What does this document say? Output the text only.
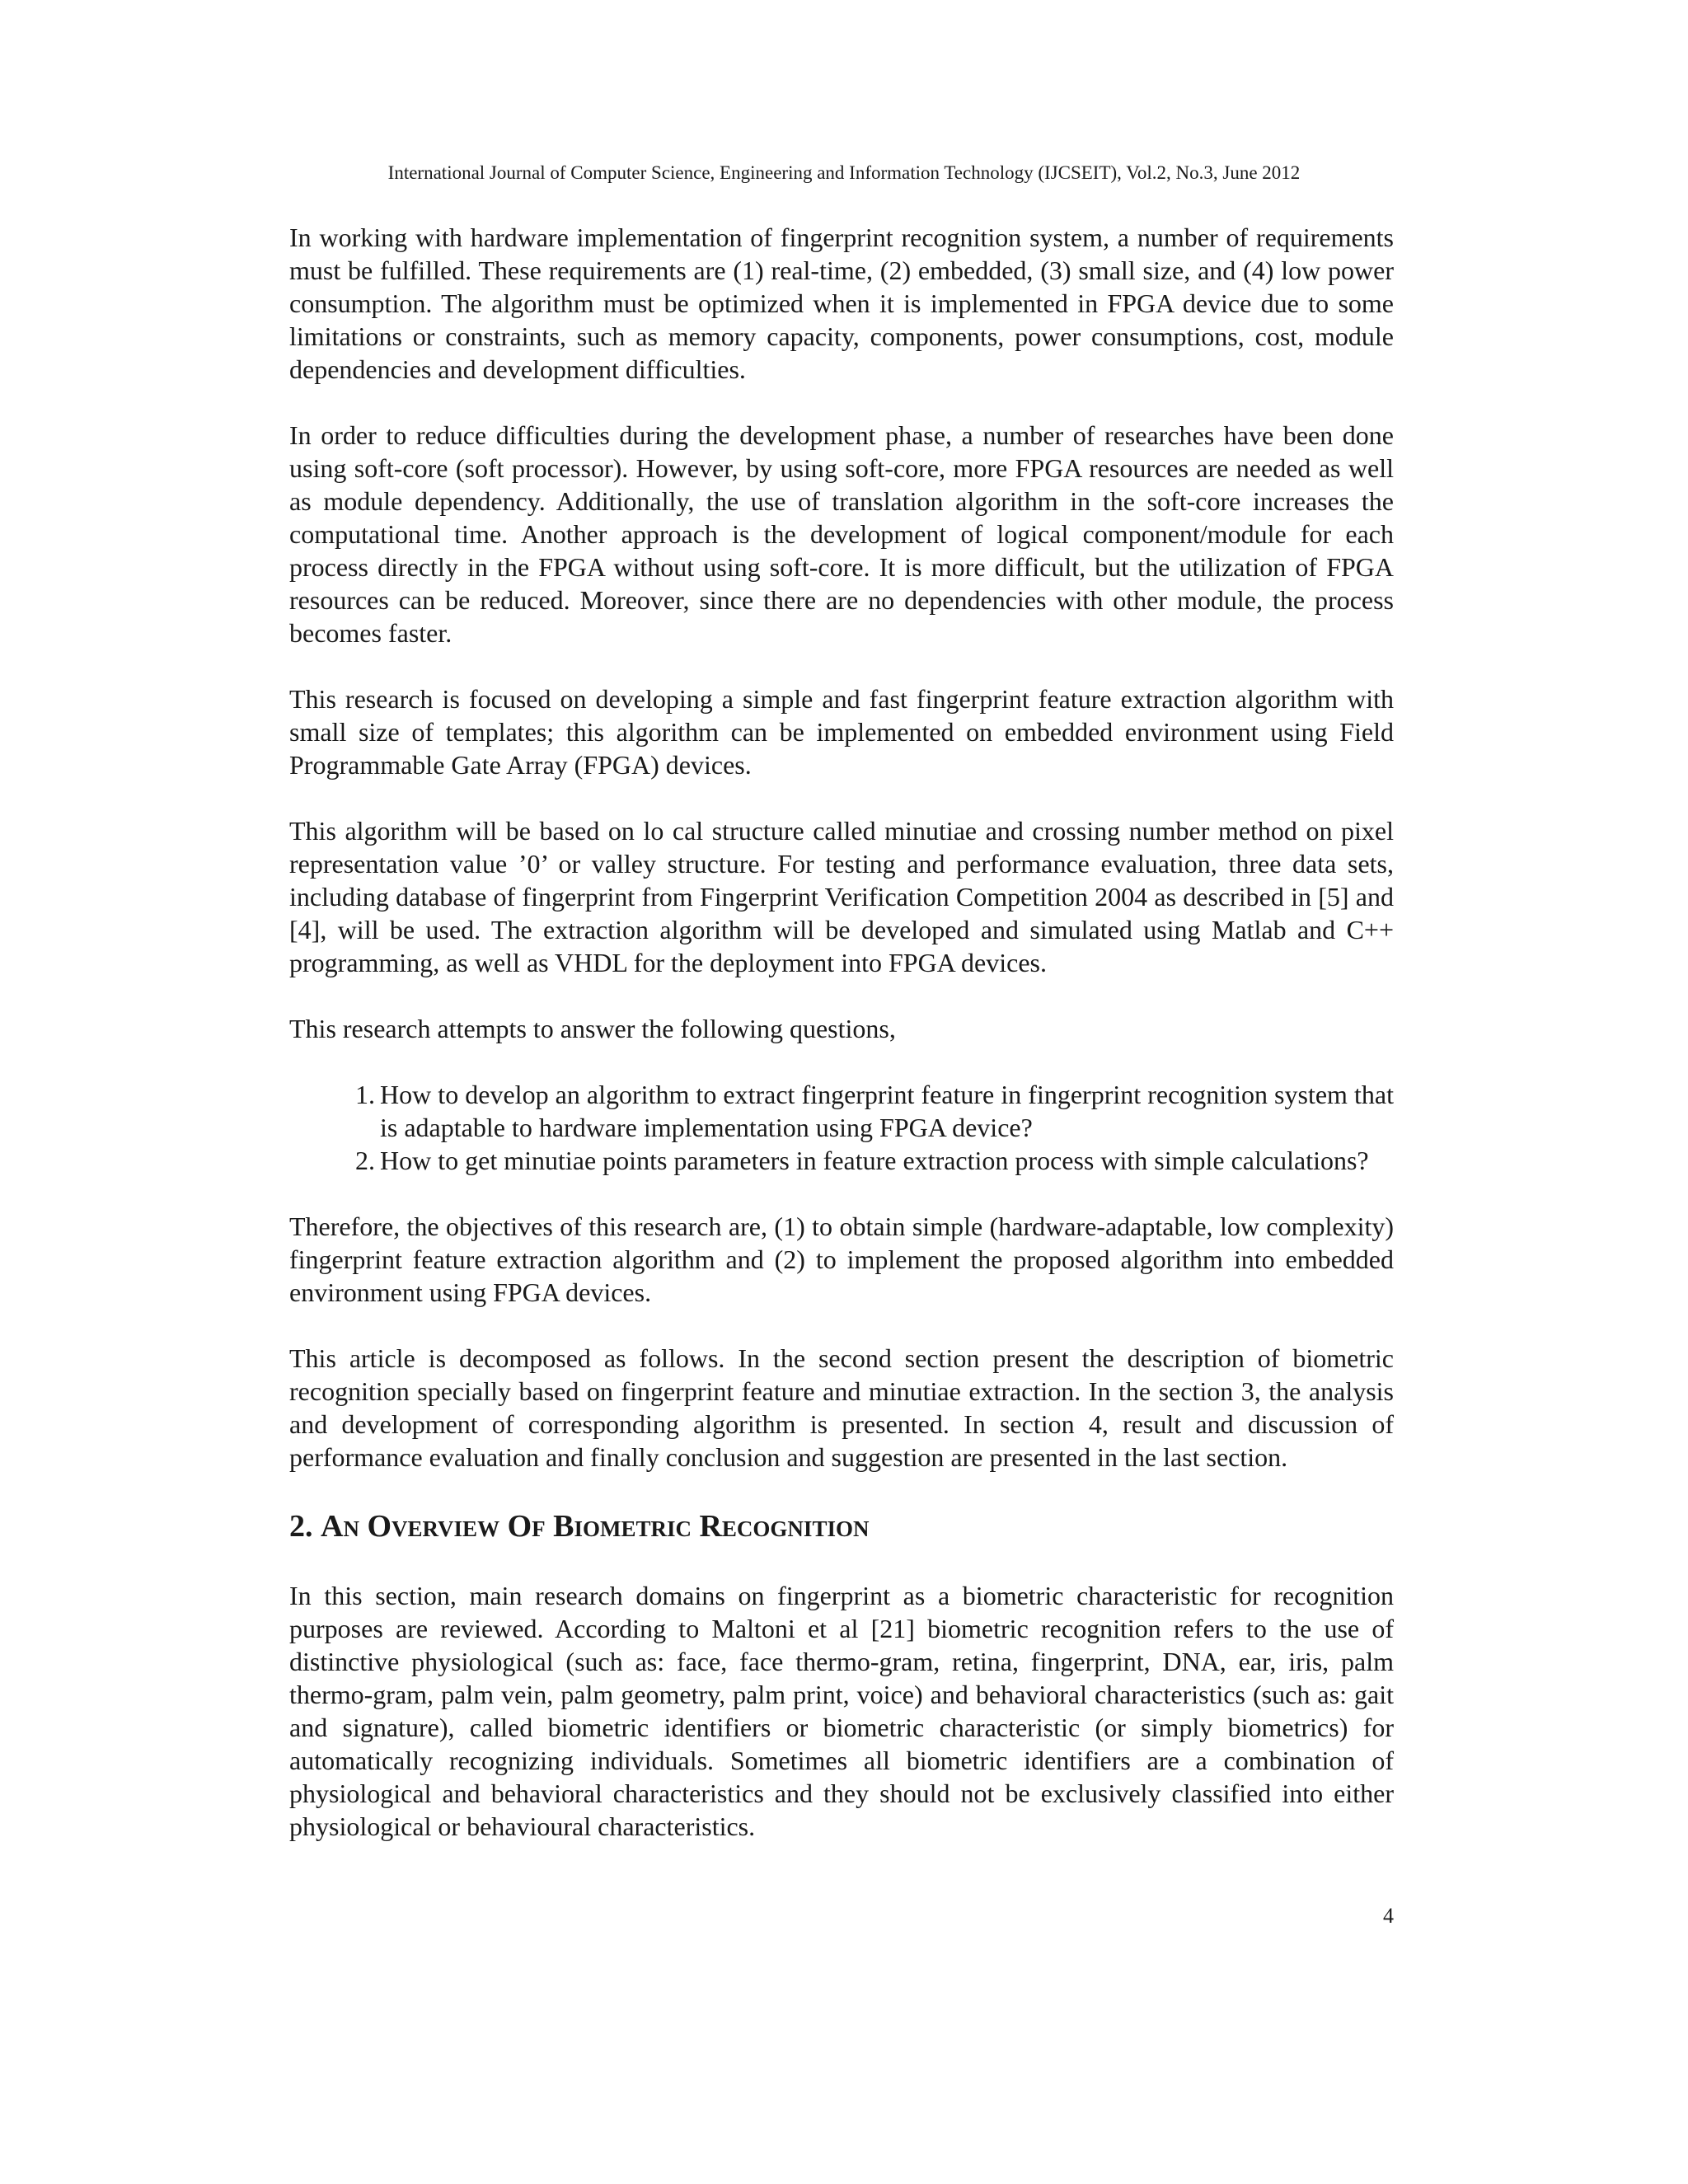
International Journal of Computer Science, Engineering and Information Technology (IJCSEIT), Vol.2, No.3, June 2012

In working with hardware implementation of fingerprint recognition system, a number of requirements must be fulfilled. These requirements are (1) real-time, (2) embedded, (3) small size, and (4) low power consumption. The algorithm must be optimized when it is implemented in FPGA device due to some limitations or constraints, such as memory capacity, components, power consumptions, cost, module dependencies and development difficulties.

In order to reduce difficulties during the development phase, a number of researches have been done using soft-core (soft processor). However, by using soft-core, more FPGA resources are needed as well as module dependency. Additionally, the use of translation algorithm in the soft-core increases the computational time. Another approach is the development of logical component/module for each process directly in the FPGA without using soft-core. It is more difficult, but the utilization of FPGA resources can be reduced. Moreover, since there are no dependencies with other module, the process becomes faster.

This research is focused on developing a simple and fast fingerprint feature extraction algorithm with small size of templates; this algorithm can be implemented on embedded environment using Field Programmable Gate Array (FPGA) devices.

This algorithm will be based on lo cal structure called minutiae and crossing number method on pixel representation value ’0’ or valley structure. For testing and performance evaluation, three data sets, including database of fingerprint from Fingerprint Verification Competition 2004 as described in [5] and [4], will be used. The extraction algorithm will be developed and simulated using Matlab and C++ programming, as well as VHDL for the deployment into FPGA devices.

This research attempts to answer the following questions,

1. How to develop an algorithm to extract fingerprint feature in fingerprint recognition system that is adaptable to hardware implementation using FPGA device?
2. How to get minutiae points parameters in feature extraction process with simple calculations?

Therefore, the objectives of this research are, (1) to obtain simple (hardware-adaptable, low complexity) fingerprint feature extraction algorithm and (2) to implement the proposed algorithm into embedded environment using FPGA devices.

This article is decomposed as follows. In the second section present the description of biometric recognition specially based on fingerprint feature and minutiae extraction. In the section 3, the analysis and development of corresponding algorithm is presented. In section 4, result and discussion of performance evaluation and finally conclusion and suggestion are presented in the last section.

2. An Overview Of Biometric Recognition

In this section, main research domains on fingerprint as a biometric characteristic for recognition purposes are reviewed. According to Maltoni et al [21] biometric recognition refers to the use of distinctive physiological (such as: face, face thermo-gram, retina, fingerprint, DNA, ear, iris, palm thermo-gram, palm vein, palm geometry, palm print, voice) and behavioral characteristics (such as: gait and signature), called biometric identifiers or biometric characteristic (or simply biometrics) for automatically recognizing individuals. Sometimes all biometric identifiers are a combination of physiological and behavioral characteristics and they should not be exclusively classified into either physiological or behavioural characteristics.

4
